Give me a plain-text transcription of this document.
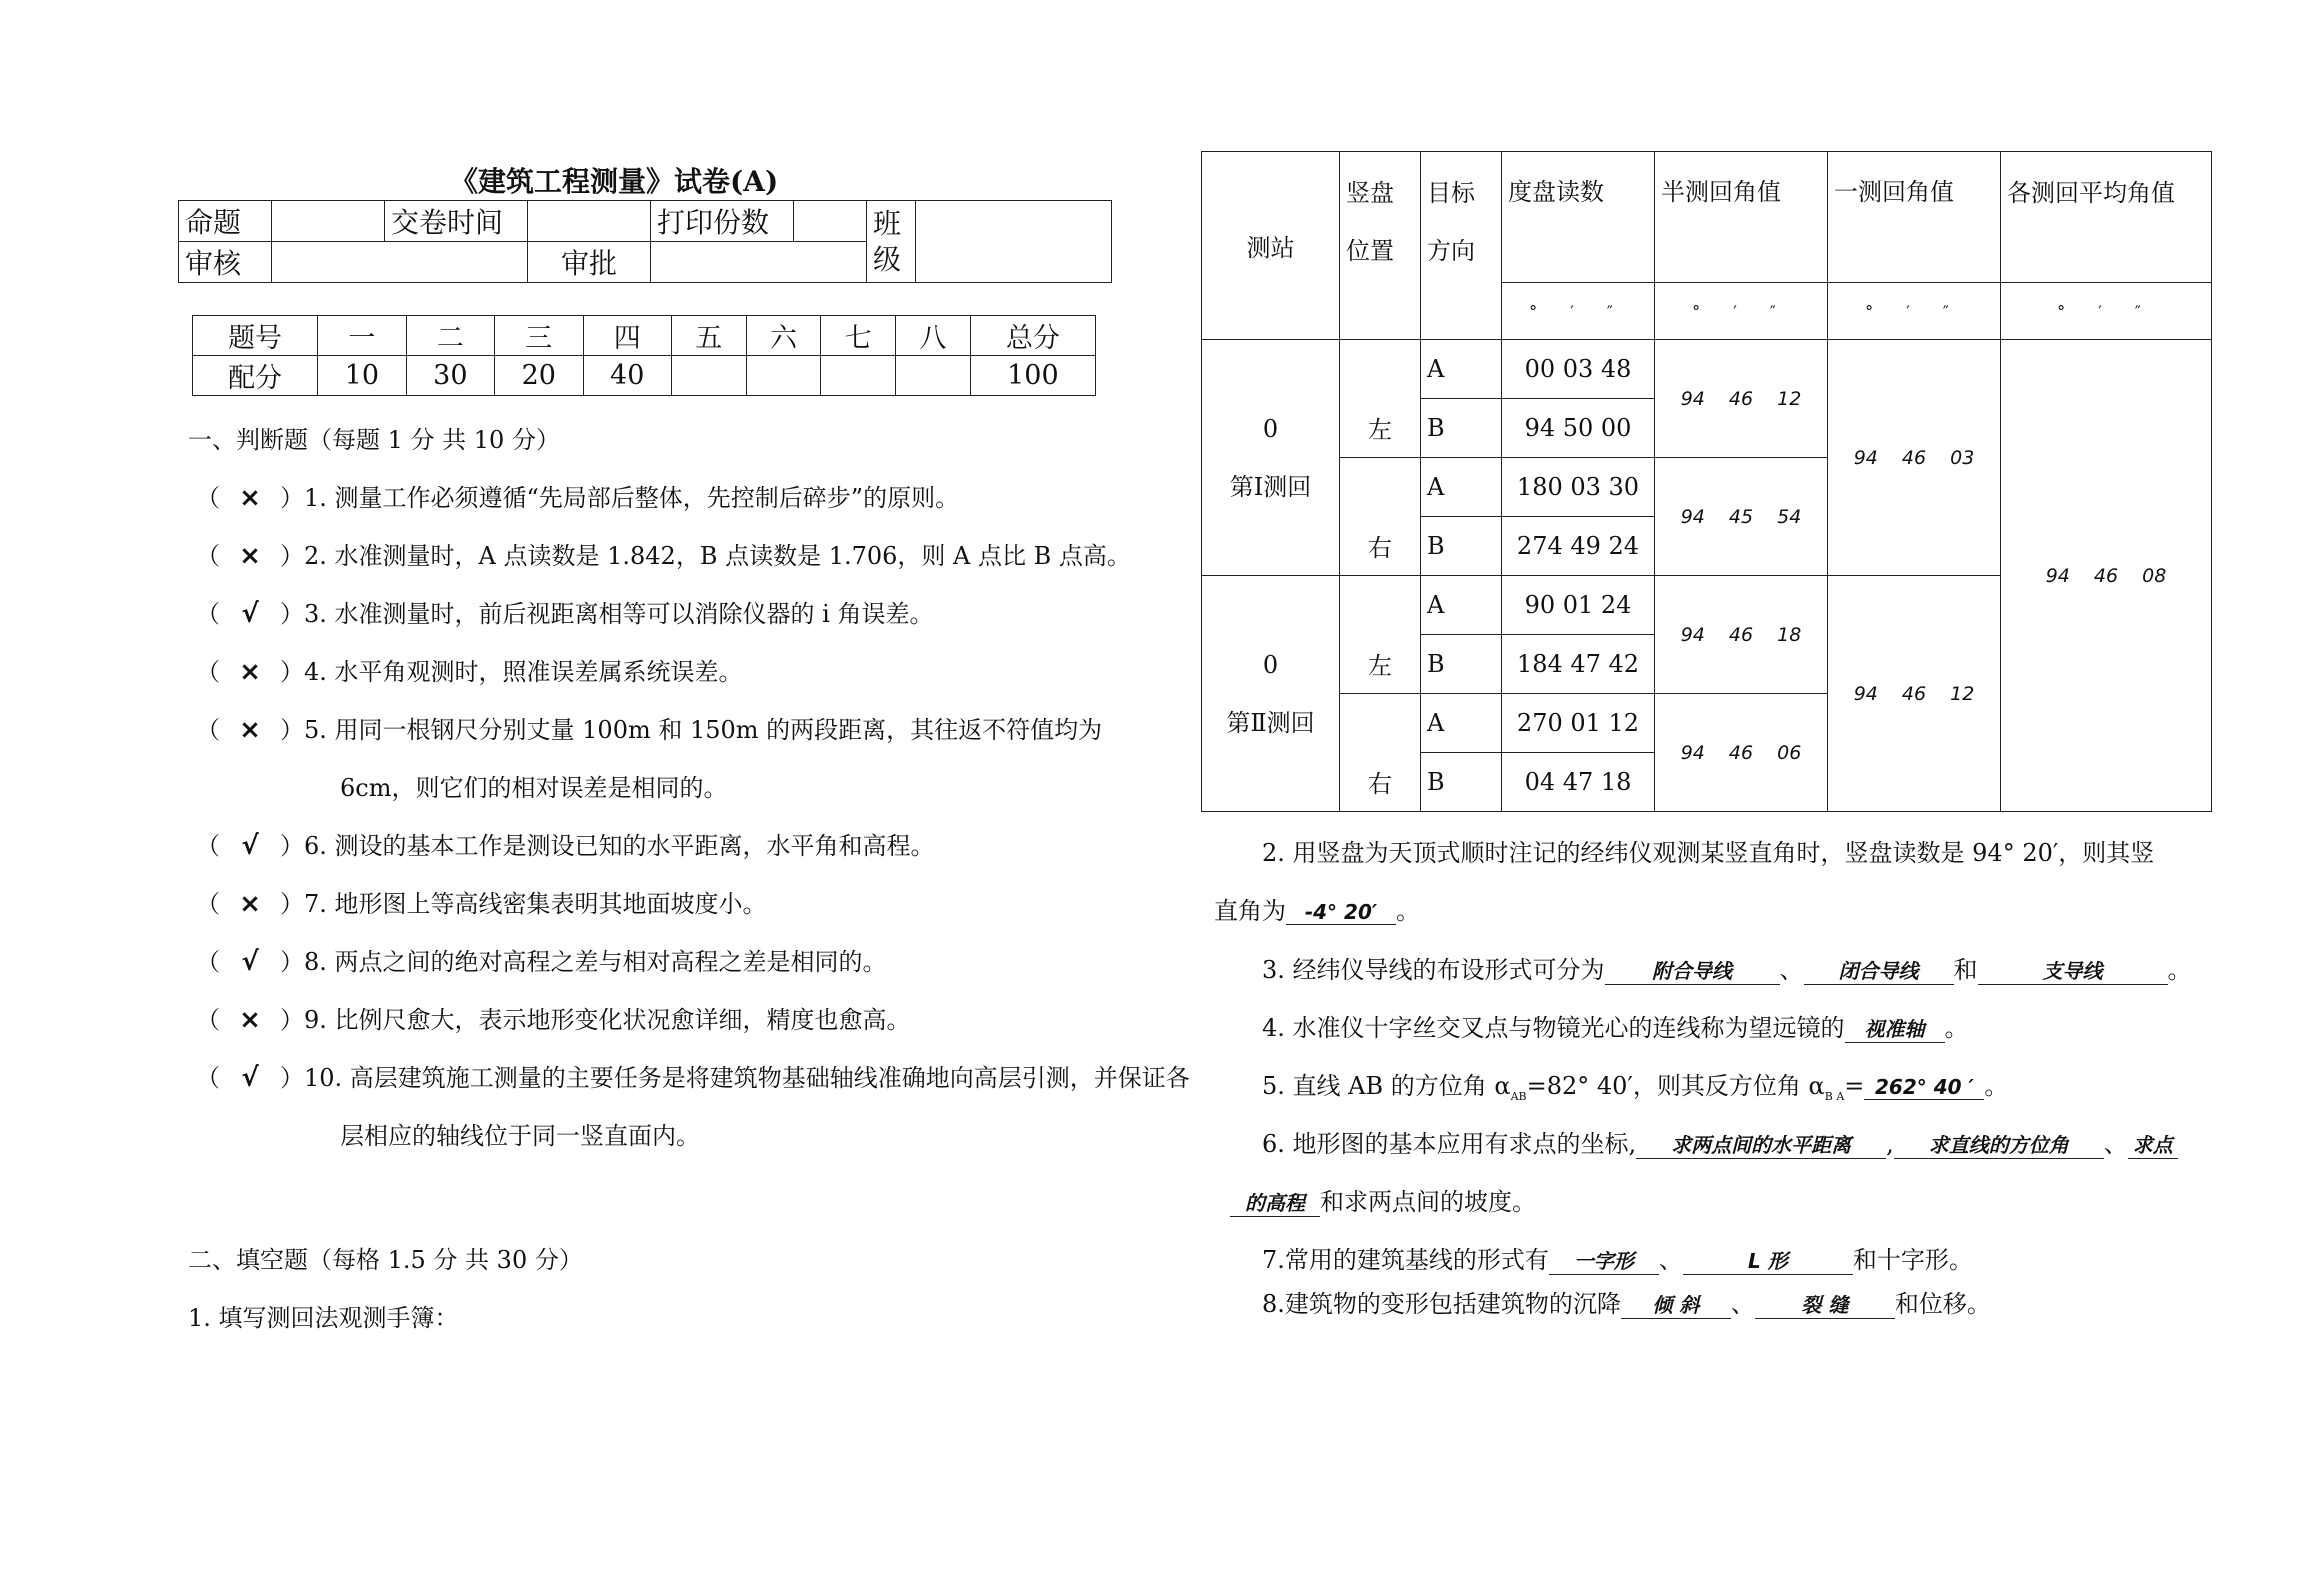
《建筑工程测量》试卷(A)
命题		交卷时间		打印份数		班级	
审核			审批				
题号	一	二	三	四	五	六	七	八	总分
配分	10	30	20	40					100
一、判断题（每题 1 分 共 10 分）
（ × ）1. 测量工作必须遵循“先局部后整体，先控制后碎步”的原则。
（ × ）2. 水准测量时，A 点读数是 1.842，B 点读数是 1.706，则 A 点比 B 点高。
（ √ ）3. 水准测量时，前后视距离相等可以消除仪器的 i 角误差。
（ × ）4. 水平角观测时，照准误差属系统误差。
（ × ）5. 用同一根钢尺分别丈量 100m 和 150m 的两段距离，其往返不符值均为
6cm，则它们的相对误差是相同的。
（ √ ）6. 测设的基本工作是测设已知的水平距离，水平角和高程。
（ × ）7. 地形图上等高线密集表明其地面坡度小。
（ √ ）8. 两点之间的绝对高程之差与相对高程之差是相同的。
（ × ）9. 比例尺愈大，表示地形变化状况愈详细，精度也愈高。
（ √ ）10. 高层建筑施工测量的主要任务是将建筑物基础轴线准确地向高层引测，并保证各
层相应的轴线位于同一竖直面内。
二、填空题（每格 1.5 分 共 30 分）
1. 填写测回法观测手簿：
测站	竖盘位置	目标方向	度盘读数	半测回角值	一测回角值	各测回平均角值
			° ′ ″	° ′ ″	° ′ ″	° ′ ″

0
第Ⅰ测回	左	A	00 03 48	94 46 12	94 46 03	94 46 08
		B	94 50 00			
	右	A	180 03 30	94 45 54		
		B	274 49 24			

0
第Ⅱ测回	左	A	90 01 24	94 46 18	94 46 12	
		B	184 47 42			
	右	A	270 01 12	94 46 06		
		B	04 47 18			
2. 用竖盘为天顶式顺时注记的经纬仪观测某竖直角时，竖盘读数是 94° 20′，则其竖
直角为 -4° 20′ 。
3. 经纬仪导线的布设形式可分为 附合导线 、 闭合导线 和	支导线	。
4. 水准仪十字丝交叉点与物镜光心的连线称为望远镜的 视准轴 。
5. 直线 AB 的方位角 $\alpha_{AB}=82^\circ$ 40′，则其反方位角 $\alpha_{B A}= 262^\circ$ 40 ′ 。
6. 地形图的基本应用有求点的坐标, 求两点间的水平距离 , 求直线的方位角 、 求点
的高程 和求两点间的坡度。
7.常用的建筑基线的形式有 一字形 、	L 形	和十字形。
8.建筑物的变形包括建筑物的沉降 倾 斜 、 裂 缝 和位移。
